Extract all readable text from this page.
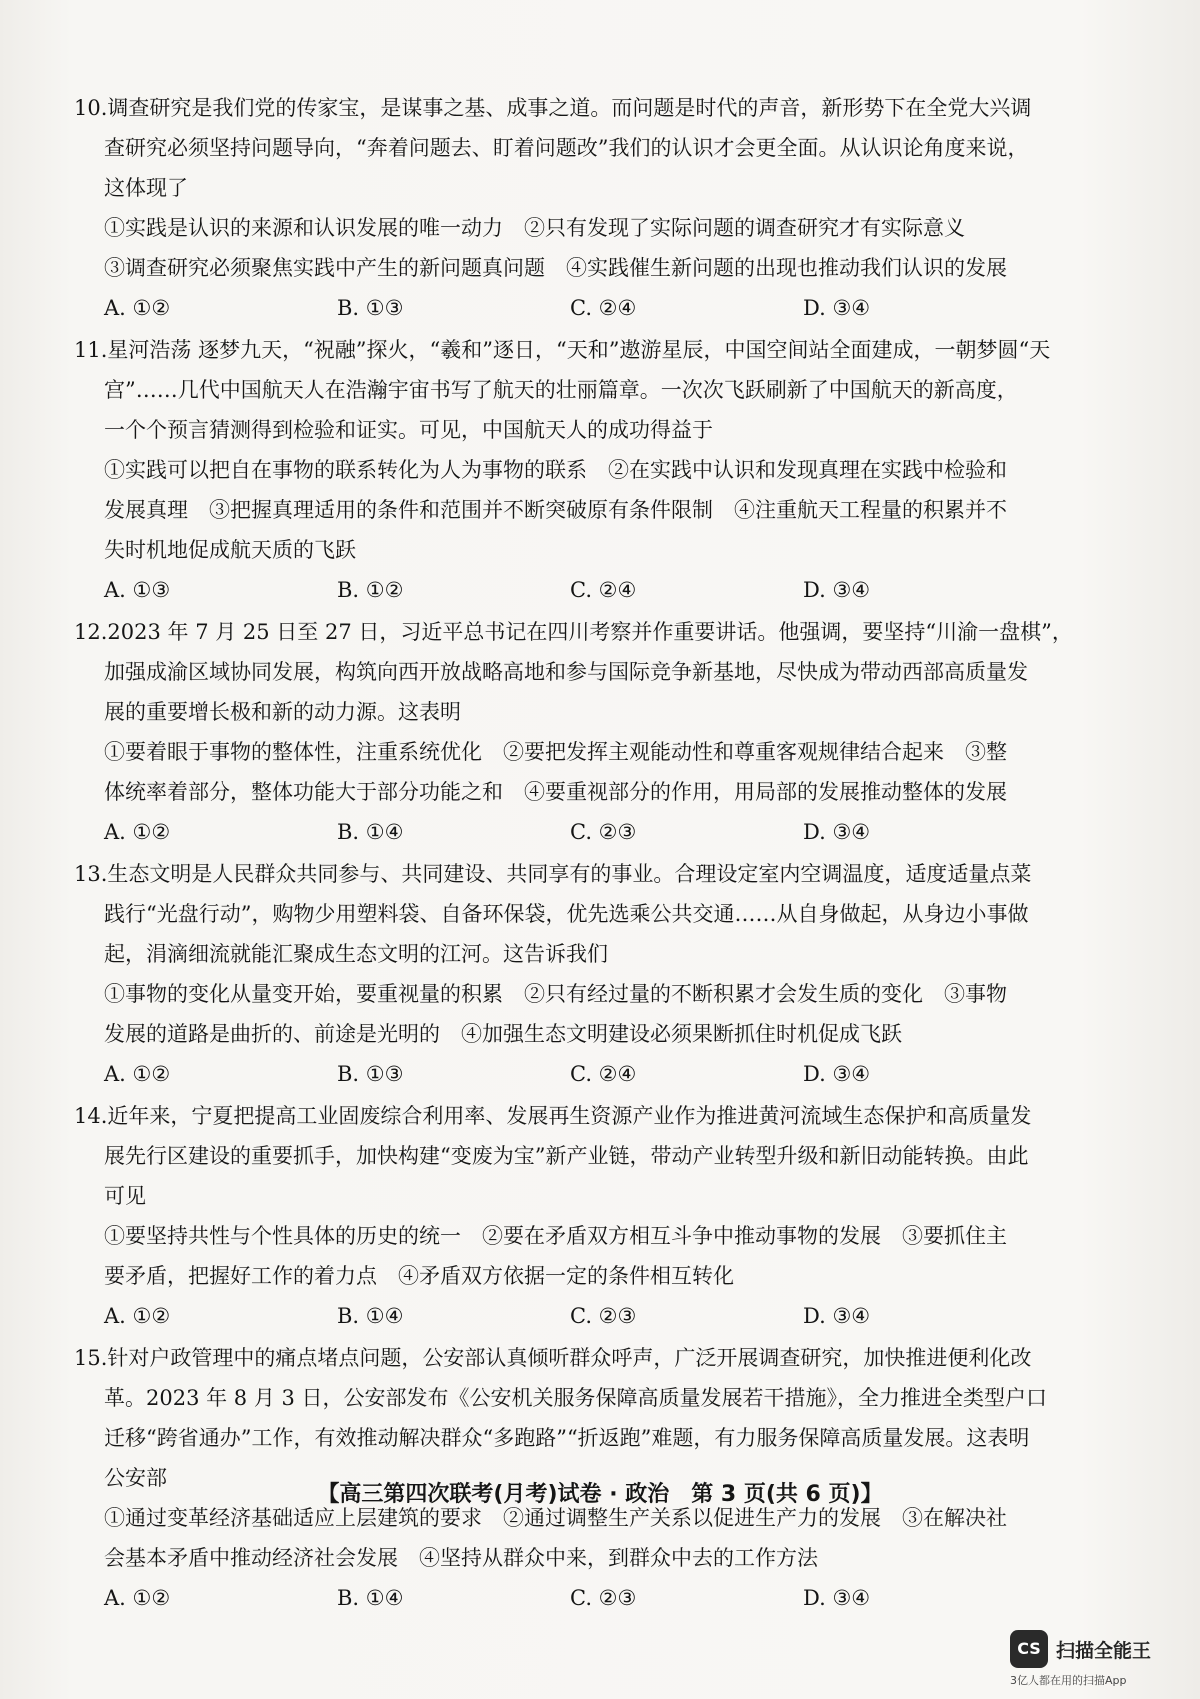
10.调查研究是我们党的传家宝，是谋事之基、成事之道。而问题是时代的声音，新形势下在全党大兴调
查研究必须坚持问题导向，“奔着问题去、盯着问题改”我们的认识才会更全面。从认识论角度来说，
这体现了
①实践是认识的来源和认识发展的唯一动力　②只有发现了实际问题的调查研究才有实际意义
③调查研究必须聚焦实践中产生的新问题真问题　④实践催生新问题的出现也推动我们认识的发展
A. ①②	B. ①③	C. ②④	D. ③④
11.星河浩荡 逐梦九天，“祝融”探火，“羲和”逐日，“天和”遨游星辰，中国空间站全面建成，一朝梦圆“天
宫”……几代中国航天人在浩瀚宇宙书写了航天的壮丽篇章。一次次飞跃刷新了中国航天的新高度，
一个个预言猜测得到检验和证实。可见，中国航天人的成功得益于
①实践可以把自在事物的联系转化为人为事物的联系　②在实践中认识和发现真理在实践中检验和
发展真理　③把握真理适用的条件和范围并不断突破原有条件限制　④注重航天工程量的积累并不
失时机地促成航天质的飞跃
A. ①③	B. ①②	C. ②④	D. ③④
12.2023 年 7 月 25 日至 27 日，习近平总书记在四川考察并作重要讲话。他强调，要坚持“川渝一盘棋”，
加强成渝区域协同发展，构筑向西开放战略高地和参与国际竞争新基地，尽快成为带动西部高质量发
展的重要增长极和新的动力源。这表明
①要着眼于事物的整体性，注重系统优化　②要把发挥主观能动性和尊重客观规律结合起来　③整
体统率着部分，整体功能大于部分功能之和　④要重视部分的作用，用局部的发展推动整体的发展
A. ①②	B. ①④	C. ②③	D. ③④
13.生态文明是人民群众共同参与、共同建设、共同享有的事业。合理设定室内空调温度，适度适量点菜
践行“光盘行动”，购物少用塑料袋、自备环保袋，优先选乘公共交通……从自身做起，从身边小事做
起，涓滴细流就能汇聚成生态文明的江河。这告诉我们
①事物的变化从量变开始，要重视量的积累　②只有经过量的不断积累才会发生质的变化　③事物
发展的道路是曲折的、前途是光明的　④加强生态文明建设必须果断抓住时机促成飞跃
A. ①②	B. ①③	C. ②④	D. ③④
14.近年来，宁夏把提高工业固废综合利用率、发展再生资源产业作为推进黄河流域生态保护和高质量发
展先行区建设的重要抓手，加快构建“变废为宝”新产业链，带动产业转型升级和新旧动能转换。由此
可见
①要坚持共性与个性具体的历史的统一　②要在矛盾双方相互斗争中推动事物的发展　③要抓住主
要矛盾，把握好工作的着力点　④矛盾双方依据一定的条件相互转化
A. ①②	B. ①④	C. ②③	D. ③④
15.针对户政管理中的痛点堵点问题，公安部认真倾听群众呼声，广泛开展调查研究，加快推进便利化改
革。2023 年 8 月 3 日，公安部发布《公安机关服务保障高质量发展若干措施》，全力推进全类型户口
迁移“跨省通办”工作，有效推动解决群众“多跑路”“折返跑”难题，有力服务保障高质量发展。这表明
公安部
①通过变革经济基础适应上层建筑的要求　②通过调整生产关系以促进生产力的发展　③在解决社
会基本矛盾中推动经济社会发展　④坚持从群众中来，到群众中去的工作方法
A. ①②	B. ①④	C. ②③	D. ③④
【高三第四次联考(月考)试卷 · 政治　第 3 页(共 6 页)】
CS 扫描全能王
3亿人都在用的扫描App
